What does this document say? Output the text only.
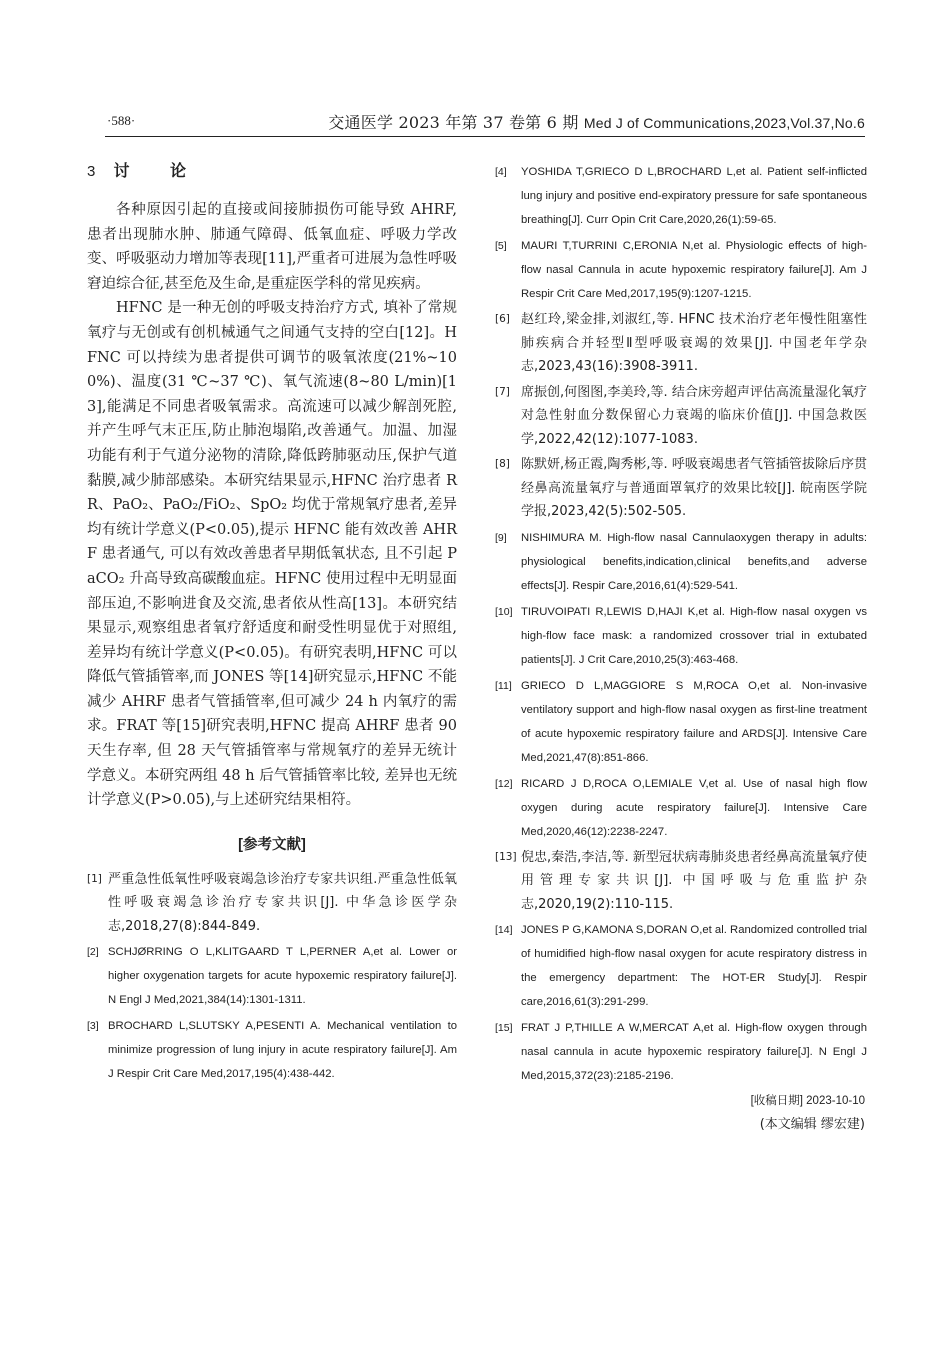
·588·	交通医学 2023 年第 37 卷第 6 期 Med J of Communications,2023,Vol.37,No.6
3 讨 论

各种原因引起的直接或间接肺损伤可能导致 AHRF,患者出现肺水肿、肺通气障碍、低氧血症、呼吸力学改变、呼吸驱动力增加等表现[11],严重者可进展为急性呼吸窘迫综合征,甚至危及生命,是重症医学科的常见疾病。

HFNC 是一种无创的呼吸支持治疗方式, 填补了常规氧疗与无创或有创机械通气之间通气支持的空白[12]。HFNC 可以持续为患者提供可调节的吸氧浓度(21%~100%)、温度(31 ℃~37 ℃)、氧气流速(8~80 L/min)[13],能满足不同患者吸氧需求。高流速可以减少解剖死腔,并产生呼气末正压,防止肺泡塌陷,改善通气。加温、加湿功能有利于气道分泌物的清除,降低跨肺驱动压,保护气道黏膜,减少肺部感染。本研究结果显示,HFNC 治疗患者 RR、PaO₂、PaO₂/FiO₂、SpO₂ 均优于常规氧疗患者,差异均有统计学意义(P<0.05),提示 HFNC 能有效改善 AHRF 患者通气, 可以有效改善患者早期低氧状态, 且不引起 PaCO₂ 升高导致高碳酸血症。HFNC 使用过程中无明显面部压迫,不影响进食及交流,患者依从性高[13]。本研究结果显示,观察组患者氧疗舒适度和耐受性明显优于对照组,差异均有统计学意义(P<0.05)。有研究表明,HFNC 可以降低气管插管率,而 JONES 等[14]研究显示,HFNC 不能减少 AHRF 患者气管插管率,但可减少 24 h 内氧疗的需求。FRAT 等[15]研究表明,HFNC 提高 AHRF 患者 90 天生存率, 但 28 天气管插管率与常规氧疗的差异无统计学意义。本研究两组 48 h 后气管插管率比较, 差异也无统计学意义(P>0.05),与上述研究结果相符。

[参考文献]
[1] 严重急性低氧性呼吸衰竭急诊治疗专家共识组.严重急性低氧性呼吸衰竭急诊治疗专家共识[J]. 中华急诊医学杂志,2018,27(8):844-849.
[2] SCHJØRRING O L,KLITGAARD T L,PERNER A,et al. Lower or higher oxygenation targets for acute hypoxemic respiratory failure[J]. N Engl J Med,2021,384(14):1301-1311.
[3] BROCHARD L,SLUTSKY A,PESENTI A. Mechanical ventilation to minimize progression of lung injury in acute respiratory failure[J]. Am J Respir Crit Care Med,2017,195(4):438-442.
[4] YOSHIDA T,GRIECO D L,BROCHARD L,et al. Patient self-inflicted lung injury and positive end-expiratory pressure for safe spontaneous breathing[J]. Curr Opin Crit Care,2020,26(1):59-65.
[5] MAURI T,TURRINI C,ERONIA N,et al. Physiologic effects of high-flow nasal Cannula in acute hypoxemic respiratory failure[J]. Am J Respir Crit Care Med,2017,195(9):1207-1215.
[6] 赵红玲,梁金排,刘淑红,等. HFNC 技术治疗老年慢性阻塞性肺疾病合并轻型Ⅱ型呼吸衰竭的效果[J]. 中国老年学杂志,2023,43(16):3908-3911.
[7] 席振创,何图图,李美玲,等. 结合床旁超声评估高流量湿化氧疗对急性射血分数保留心力衰竭的临床价值[J]. 中国急救医学,2022,42(12):1077-1083.
[8] 陈默妍,杨正霞,陶秀彬,等. 呼吸衰竭患者气管插管拔除后序贯经鼻高流量氧疗与普通面罩氧疗的效果比较[J]. 皖南医学院学报,2023,42(5):502-505.
[9] NISHIMURA M. High-flow nasal Cannulaoxygen therapy in adults: physiological benefits,indication,clinical benefits,and adverse effects[J]. Respir Care,2016,61(4):529-541.
[10] TIRUVOIPATI R,LEWIS D,HAJI K,et al. High-flow nasal oxygen vs high-flow face mask: a randomized crossover trial in extubated patients[J]. J Crit Care,2010,25(3):463-468.
[11] GRIECO D L,MAGGIORE S M,ROCA O,et al. Non-invasive ventilatory support and high-flow nasal oxygen as first-line treatment of acute hypoxemic respiratory failure and ARDS[J]. Intensive Care Med,2021,47(8):851-866.
[12] RICARD J D,ROCA O,LEMIALE V,et al. Use of nasal high flow oxygen during acute respiratory failure[J]. Intensive Care Med,2020,46(12):2238-2247.
[13] 倪忠,秦浩,李洁,等. 新型冠状病毒肺炎患者经鼻高流量氧疗使用管理专家共识[J]. 中国呼吸与危重监护杂志,2020,19(2):110-115.
[14] JONES P G,KAMONA S,DORAN O,et al. Randomized controlled trial of humidified high-flow nasal oxygen for acute respiratory distress in the emergency department: The HOT-ER Study[J]. Respir care,2016,61(3):291-299.
[15] FRAT J P,THILLE A W,MERCAT A,et al. High-flow oxygen through nasal cannula in acute hypoxemic respiratory failure[J]. N Engl J Med,2015,372(23):2185-2196.
[收稿日期] 2023-10-10
(本文编辑 缪宏建)
